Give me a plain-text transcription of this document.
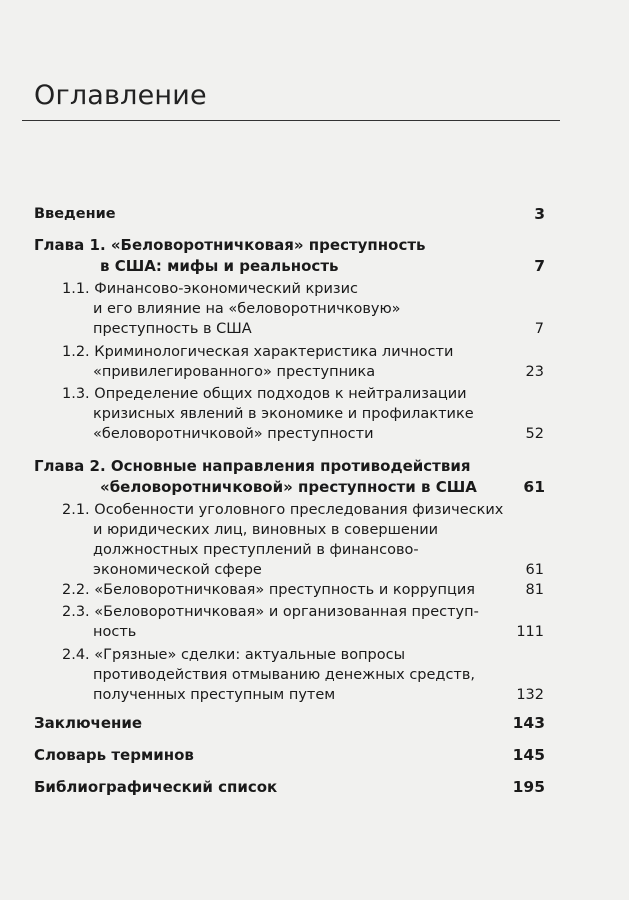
Оглавление
Введение	3
Глава 1. «Беловоротничковая» преступность
в США: мифы и реальность	7
1.1. Финансово-экономический кризис
и его влияние на «беловоротничковую»
преступность в США	7
1.2. Криминологическая характеристика личности
«привилегированного» преступника	23
1.3. Определение общих подходов к нейтрализации
кризисных явлений в экономике и профилактике
«беловоротничковой» преступности	52
Глава 2. Основные направления противодействия
«беловоротничковой» преступности в США	61
2.1. Особенности уголовного преследования физических
и юридических лиц, виновных в совершении
должностных преступлений в финансово-
экономической сфере	61
2.2. «Беловоротничковая» преступность и коррупция	81
2.3. «Беловоротничковая» и организованная преступ-
ность	111
2.4. «Грязные» сделки: актуальные вопросы
противодействия отмыванию денежных средств,
полученных преступным путем	132
Заключение	143
Словарь терминов	145
Библиографический список	195
